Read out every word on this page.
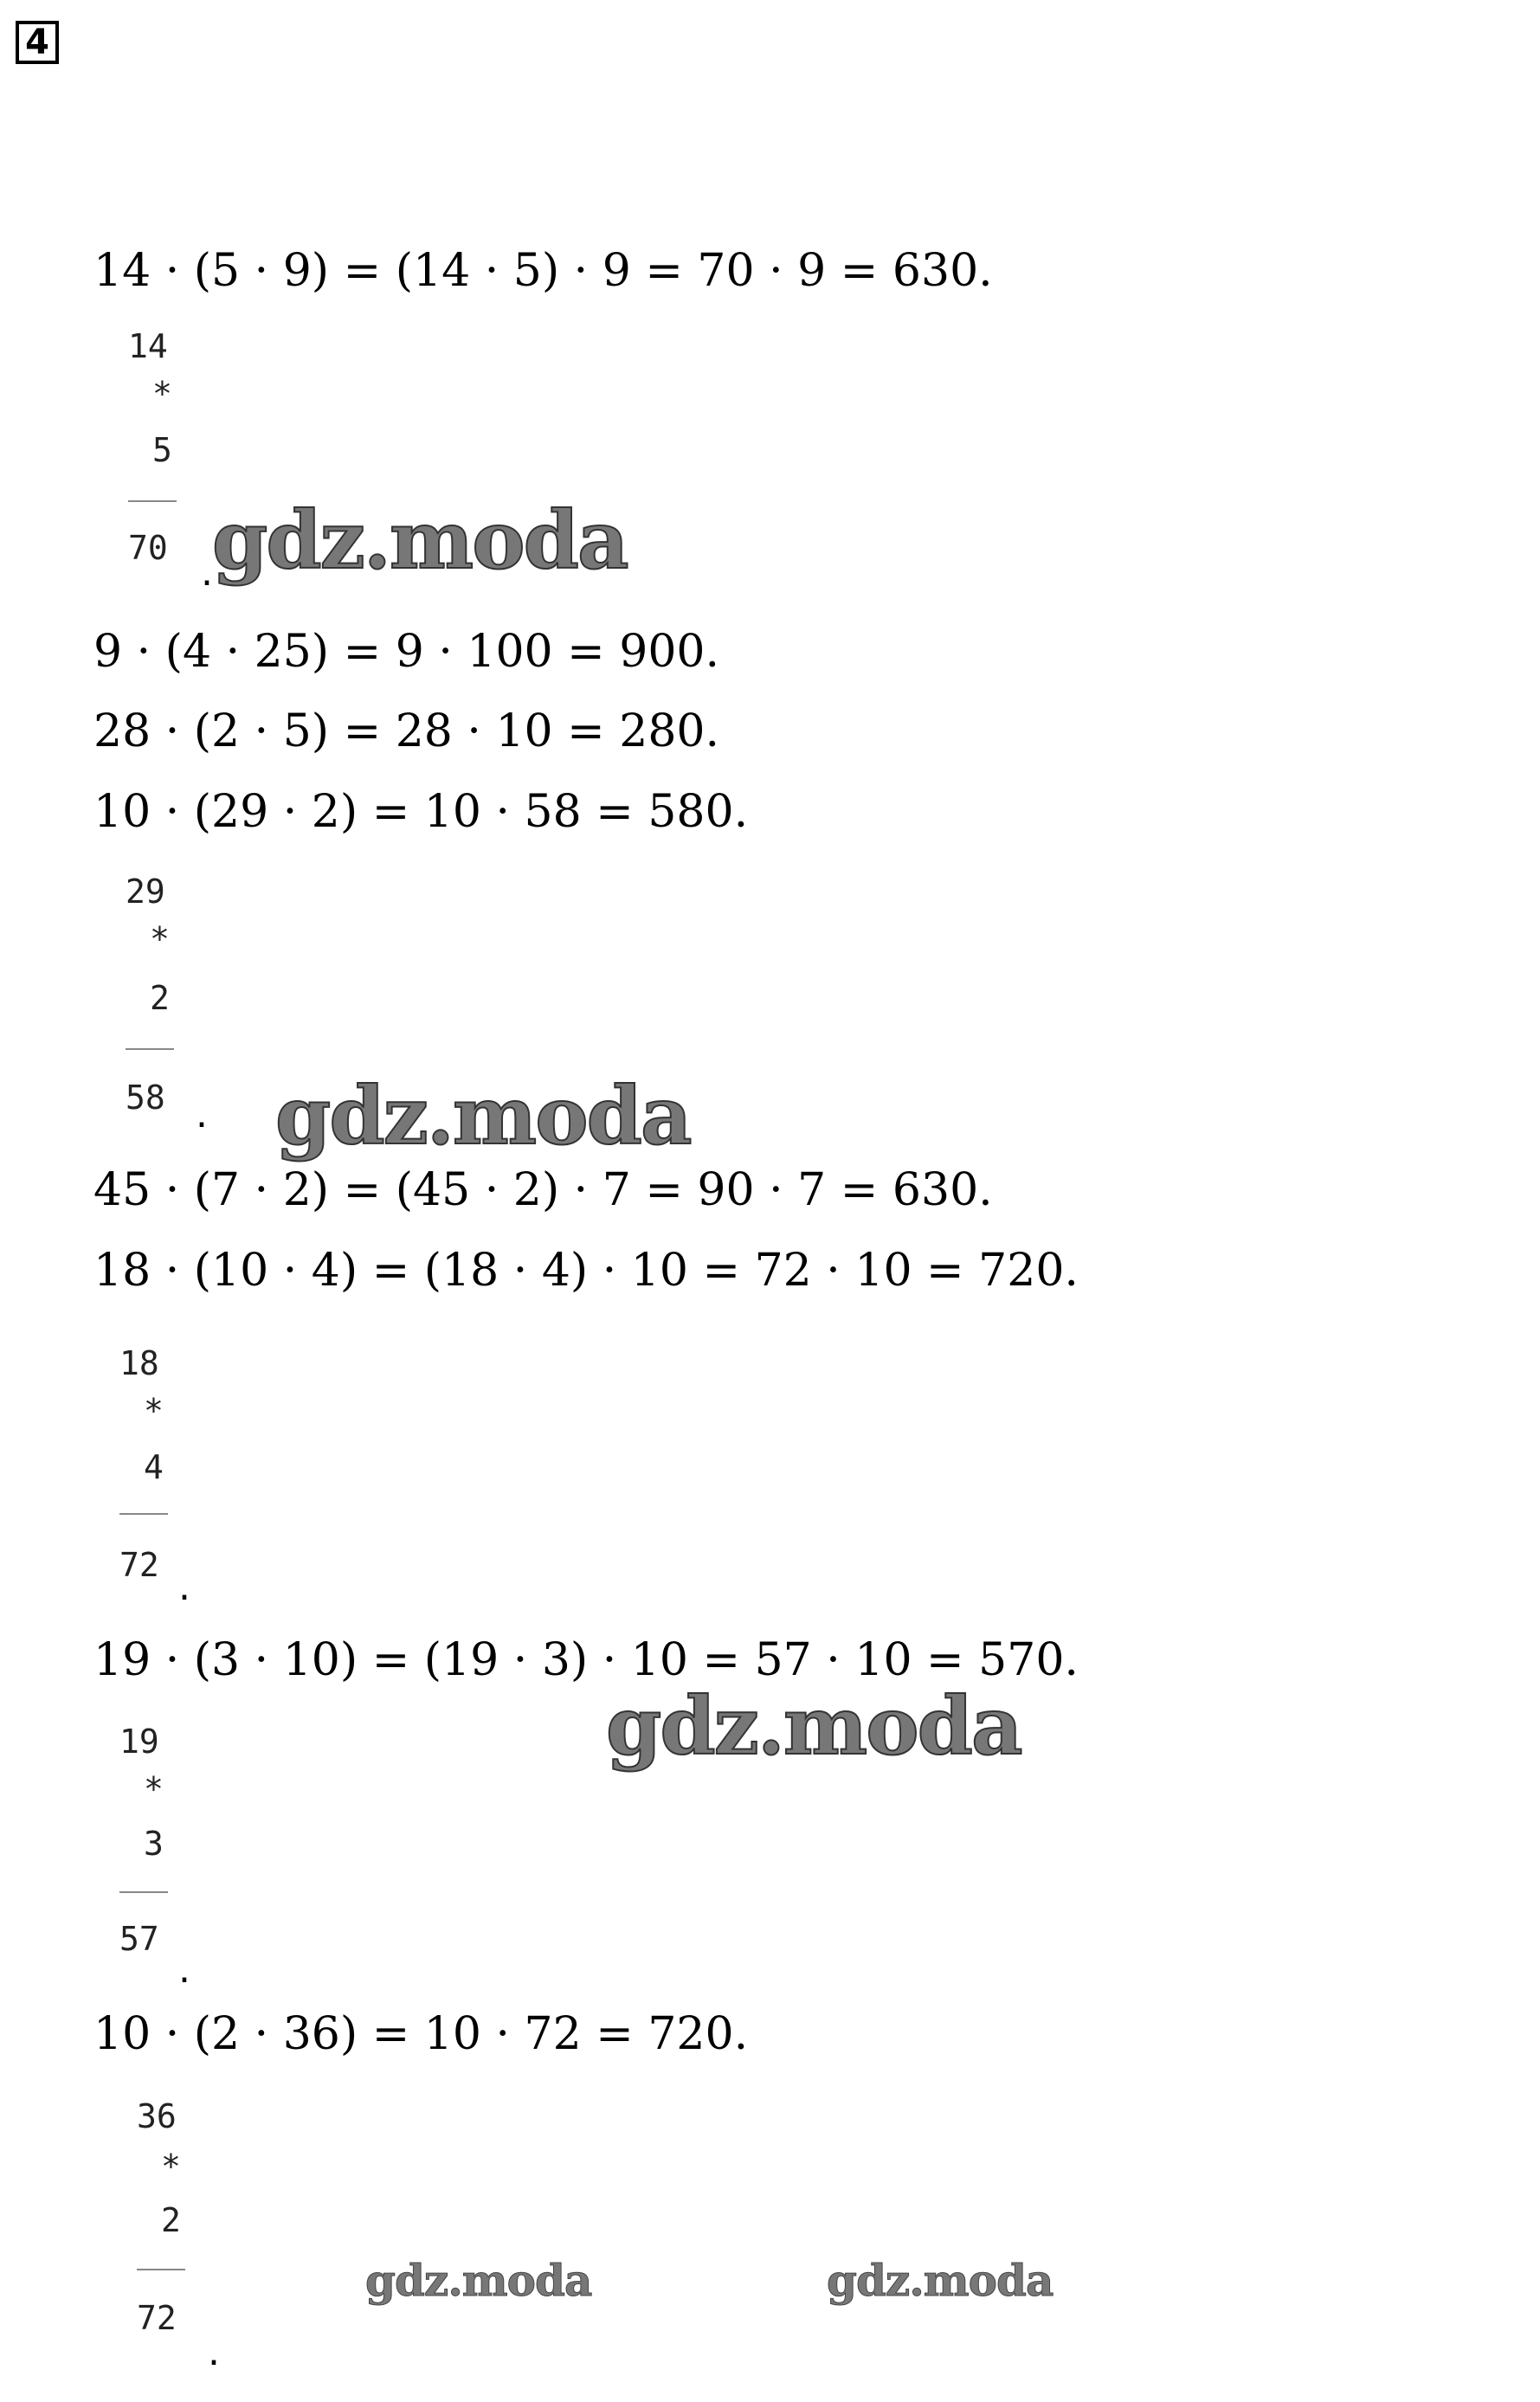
4
14 · (5 · 9) = (14 · 5) · 9 = 70 · 9 = 630.
14
*
5
70
. gdz.moda
9 · (4 · 25) = 9 · 100 = 900.
28 · (2 · 5) = 28 · 10 = 280.
10 · (29 · 2) = 10 · 58 = 580.
29
*
2
58 . gdz.moda
45 · (7 · 2) = (45 · 2) · 7 = 90 · 7 = 630.
18 · (10 · 4) = (18 · 4) · 10 = 72 · 10 = 720.
18
*
4
72 .
19 · (3 · 10) = (19 · 3) · 10 = 57 · 10 = 570.
gdz.moda
19
*
3
57
.
10 · (2 · 36) = 10 · 72 = 720.
36
*
2
72
.
gdz.moda	gdz.moda
